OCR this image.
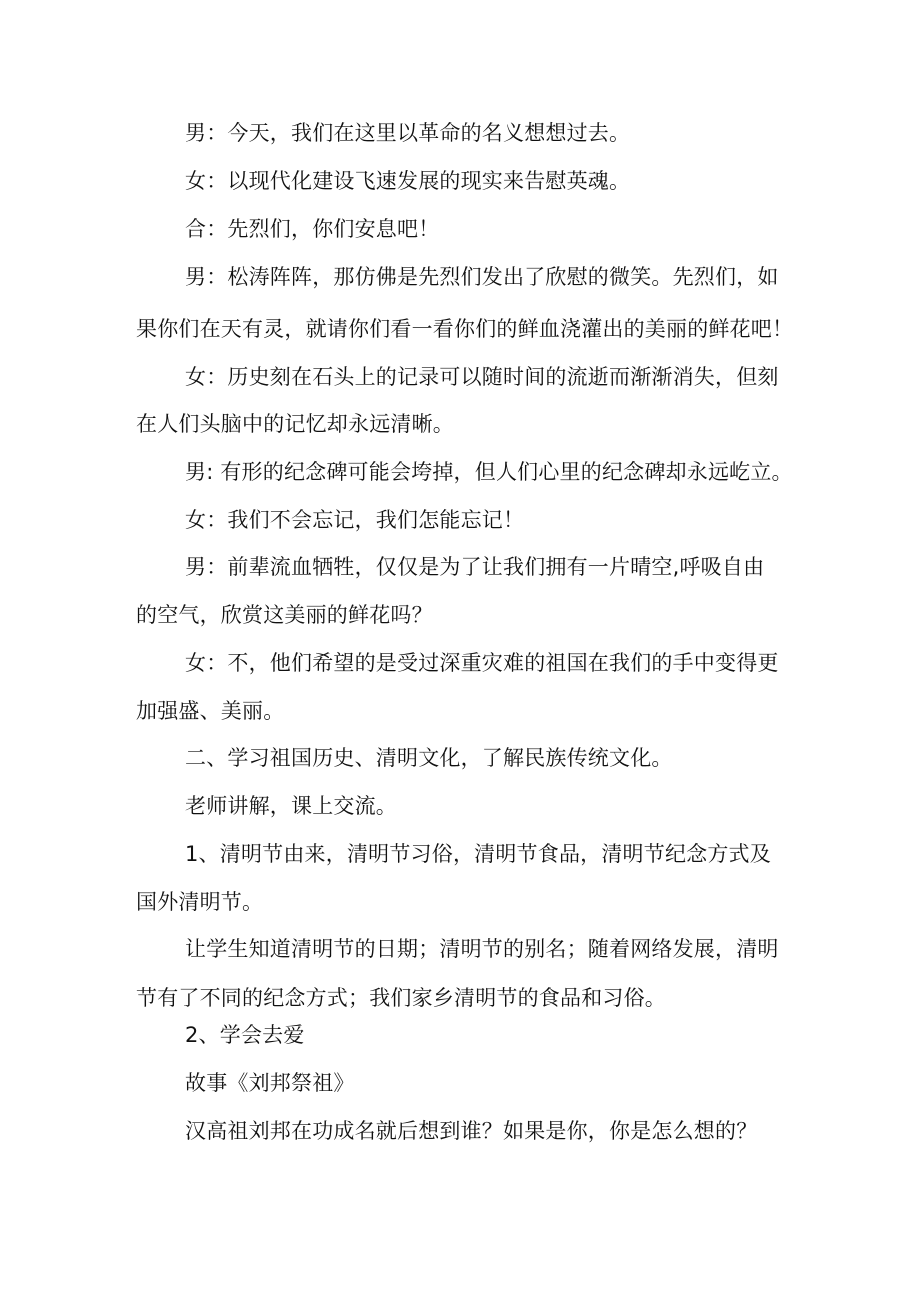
男：今天，我们在这里以革命的名义想想过去。
女：以现代化建设飞速发展的现实来告慰英魂。
合：先烈们，你们安息吧！
男：松涛阵阵，那仿佛是先烈们发出了欣慰的微笑。先烈们，如
果你们在天有灵，就请你们看一看你们的鲜血浇灌出的美丽的鲜花吧！
女：历史刻在石头上的记录可以随时间的流逝而渐渐消失，但刻
在人们头脑中的记忆却永远清晰。
男: 有形的纪念碑可能会垮掉，但人们心里的纪念碑却永远屹立。
女：我们不会忘记，我们怎能忘记！
男：前辈流血牺牲，仅仅是为了让我们拥有一片晴空,呼吸自由
的空气，欣赏这美丽的鲜花吗？
女：不，他们希望的是受过深重灾难的祖国在我们的手中变得更
加强盛、美丽。
二、学习祖国历史、清明文化，了解民族传统文化。
老师讲解，课上交流。
1、清明节由来，清明节习俗，清明节食品，清明节纪念方式及
国外清明节。
让学生知道清明节的日期；清明节的别名；随着网络发展，清明
节有了不同的纪念方式；我们家乡清明节的食品和习俗。
2、学会去爱
故事《刘邦祭祖》
汉高祖刘邦在功成名就后想到谁？如果是你，你是怎么想的？
